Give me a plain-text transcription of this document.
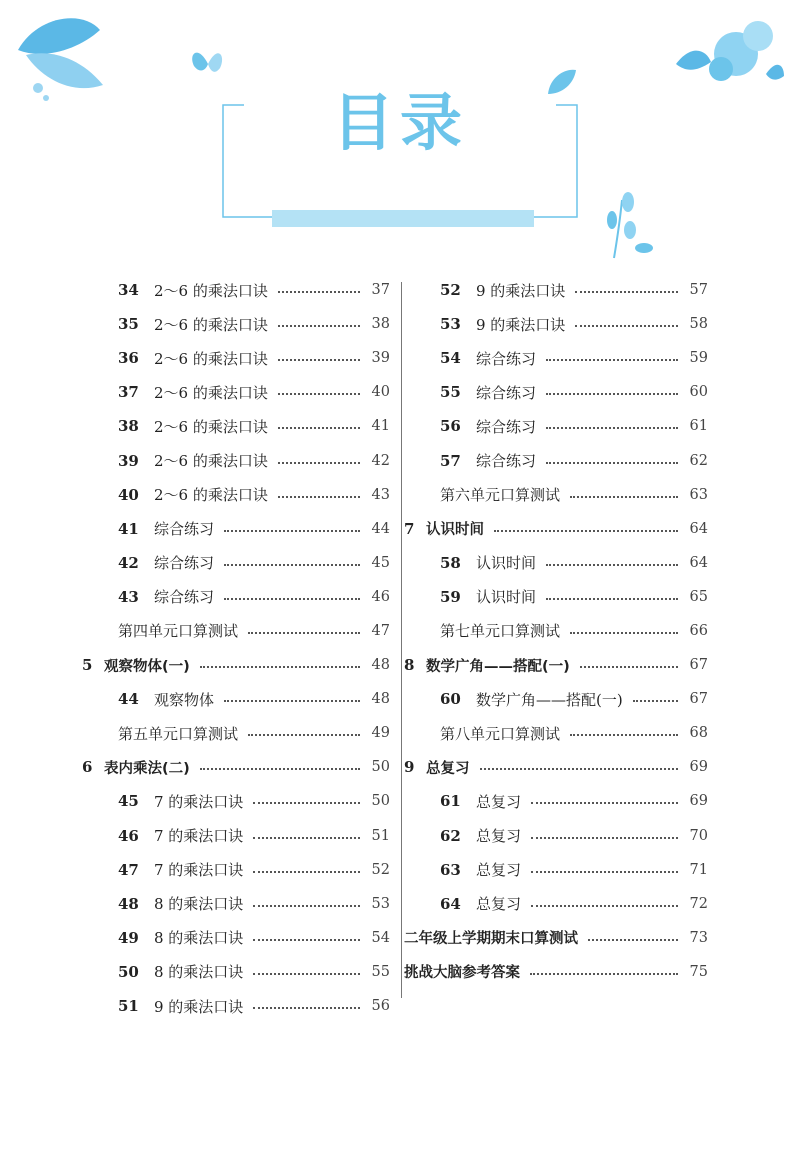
目录
34	2～6 的乘法口诀	37
35	2～6 的乘法口诀	38
36	2～6 的乘法口诀	39
37	2～6 的乘法口诀	40
38	2～6 的乘法口诀	41
39	2～6 的乘法口诀	42
40	2～6 的乘法口诀	43
41	综合练习	44
42	综合练习	45
43	综合练习	46
第四单元口算测试	47
5 观察物体(一)	48
44	观察物体	48
第五单元口算测试	49
6 表内乘法(二)	50
45	7 的乘法口诀	50
46	7 的乘法口诀	51
47	7 的乘法口诀	52
48	8 的乘法口诀	53
49	8 的乘法口诀	54
50	8 的乘法口诀	55
51	9 的乘法口诀	56
52	9 的乘法口诀	57
53	9 的乘法口诀	58
54	综合练习	59
55	综合练习	60
56	综合练习	61
57	综合练习	62
第六单元口算测试	63
7 认识时间	64
58	认识时间	64
59	认识时间	65
第七单元口算测试	66
8 数学广角——搭配(一)	67
60	数学广角——搭配(一)	67
第八单元口算测试	68
9 总复习	69
61	总复习	69
62	总复习	70
63	总复习	71
64	总复习	72
二年级上学期期末口算测试	73
挑战大脑参考答案	75
